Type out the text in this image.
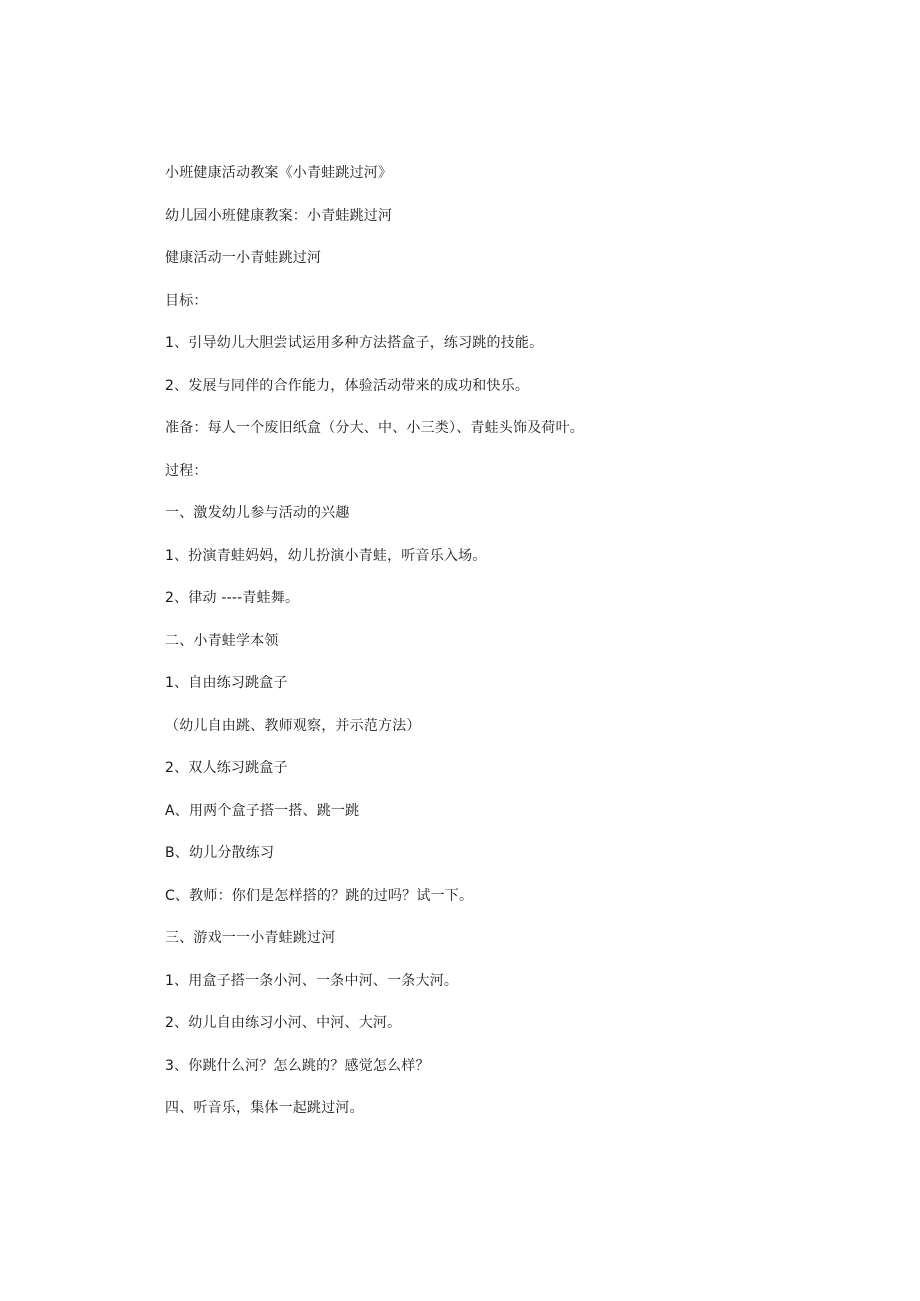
小班健康活动教案《小青蛙跳过河》
幼儿园小班健康教案：小青蛙跳过河
健康活动一小青蛙跳过河
目标：
1、引导幼儿大胆尝试运用多种方法搭盒子，练习跳的技能。
2、发展与同伴的合作能力，体验活动带来的成功和快乐。
准备：每人一个废旧纸盒（分大、中、小三类）、青蛙头饰及荷叶。
过程：
一、激发幼儿参与活动的兴趣
1、扮演青蛙妈妈，幼儿扮演小青蛙，听音乐入场。
2、律动 ----青蛙舞。
二、小青蛙学本领
1、自由练习跳盒子
（幼儿自由跳、教师观察，并示范方法）
2、双人练习跳盒子
A、用两个盒子搭一搭、跳一跳
B、幼儿分散练习
C、教师：你们是怎样搭的？跳的过吗？试一下。
三、游戏一一小青蛙跳过河
1、用盒子搭一条小河、一条中河、一条大河。
2、幼儿自由练习小河、中河、大河。
3、你跳什么河？怎么跳的？感觉怎么样？
四、听音乐，集体一起跳过河。
